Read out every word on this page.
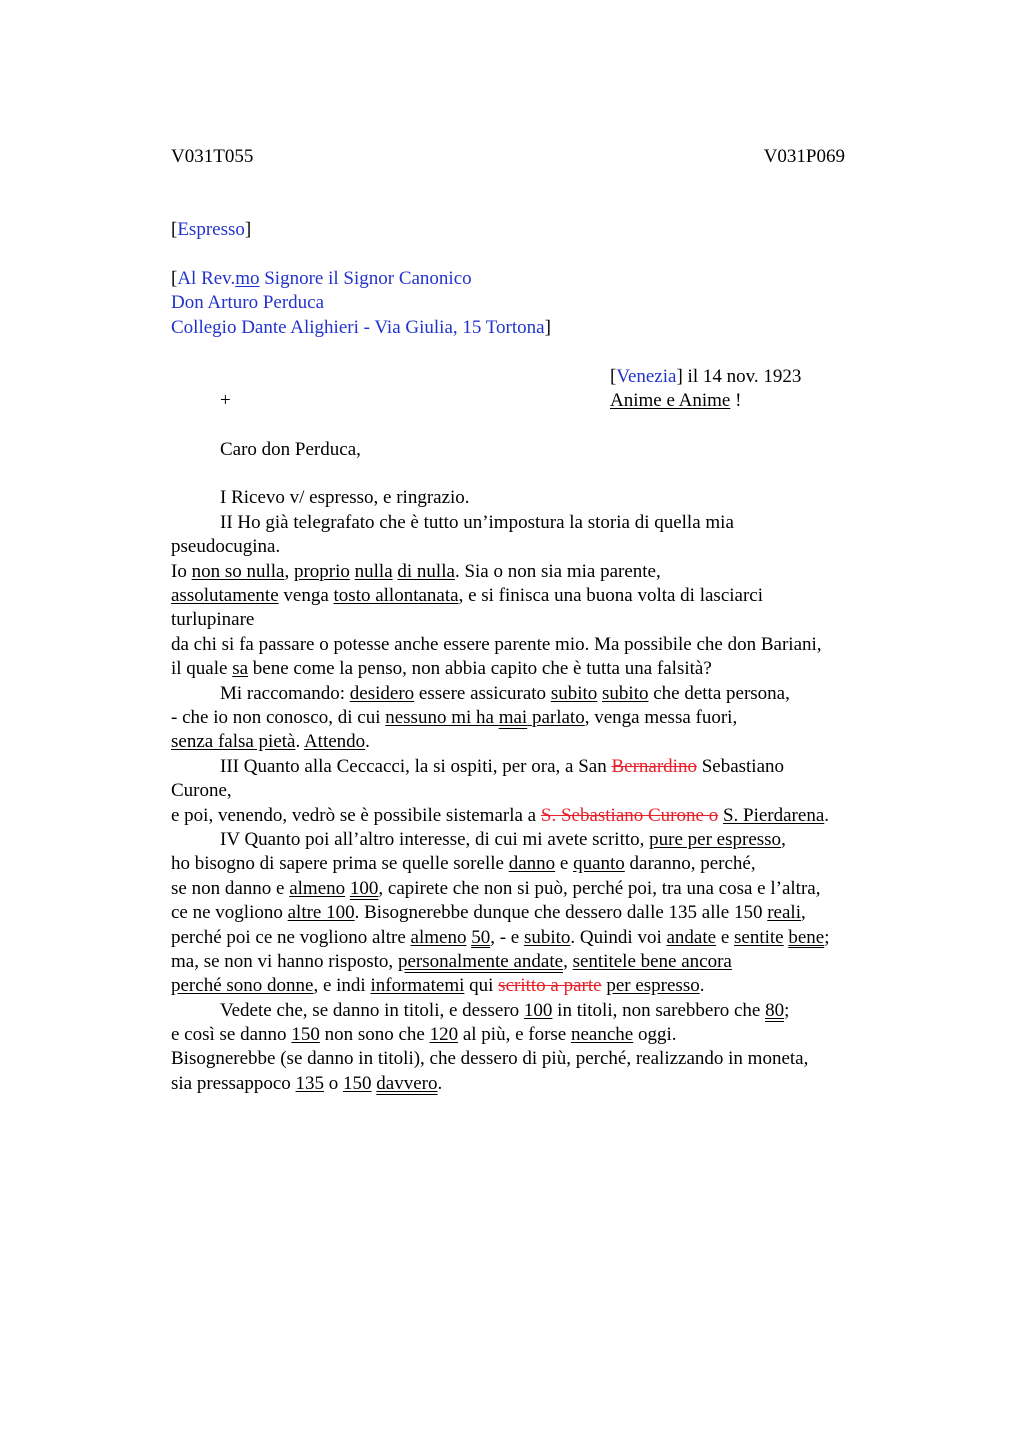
V031T055	V031P069
[Espresso]
[Al Rev.mo Signore il Signor Canonico
Don Arturo Perduca
Collegio Dante Alighieri - Via Giulia, 15 Tortona]
[Venezia] il 14 nov. 1923
+	Anime e Anime !
Caro don Perduca,
I Ricevo v/ espresso, e ringrazio.
II Ho già telegrafato che è tutto un’impostura la storia di quella mia
pseudocugina.
Io non so nulla, proprio nulla di nulla. Sia o non sia mia parente,
assolutamente venga tosto allontanata, e si finisca una buona volta di lasciarci
turlupinare
da chi si fa passare o potesse anche essere parente mio. Ma possibile che don Bariani,
il quale sa bene come la penso, non abbia capito che è tutta una falsità?
Mi raccomando: desidero essere assicurato subito subito che detta persona,
- che io non conosco, di cui nessuno mi ha mai parlato, venga messa fuori,
senza falsa pietà. Attendo.
III Quanto alla Ceccacci, la si ospiti, per ora, a San Bernardino Sebastiano
Curone,
e poi, venendo, vedrò se è possibile sistemarla a S. Sebastiano Curone o S. Pierdarena.
IV Quanto poi all’altro interesse, di cui mi avete scritto, pure per espresso,
ho bisogno di sapere prima se quelle sorelle danno e quanto daranno, perché,
se non danno e almeno 100, capirete che non si può, perché poi, tra una cosa e l’altra,
ce ne vogliono altre 100. Bisognerebbe dunque che dessero dalle 135 alle 150 reali,
perché poi ce ne vogliono altre almeno 50, - e subito. Quindi voi andate e sentite bene;
ma, se non vi hanno risposto, personalmente andate, sentitele bene ancora
perché sono donne, e indi informatemi qui scritto a parte per espresso.
Vedete che, se danno in titoli, e dessero 100 in titoli, non sarebbero che 80;
e così se danno 150 non sono che 120 al più, e forse neanche oggi.
Bisognerebbe (se danno in titoli), che dessero di più, perché, realizzando in moneta,
sia pressappoco 135 o 150 davvero.
